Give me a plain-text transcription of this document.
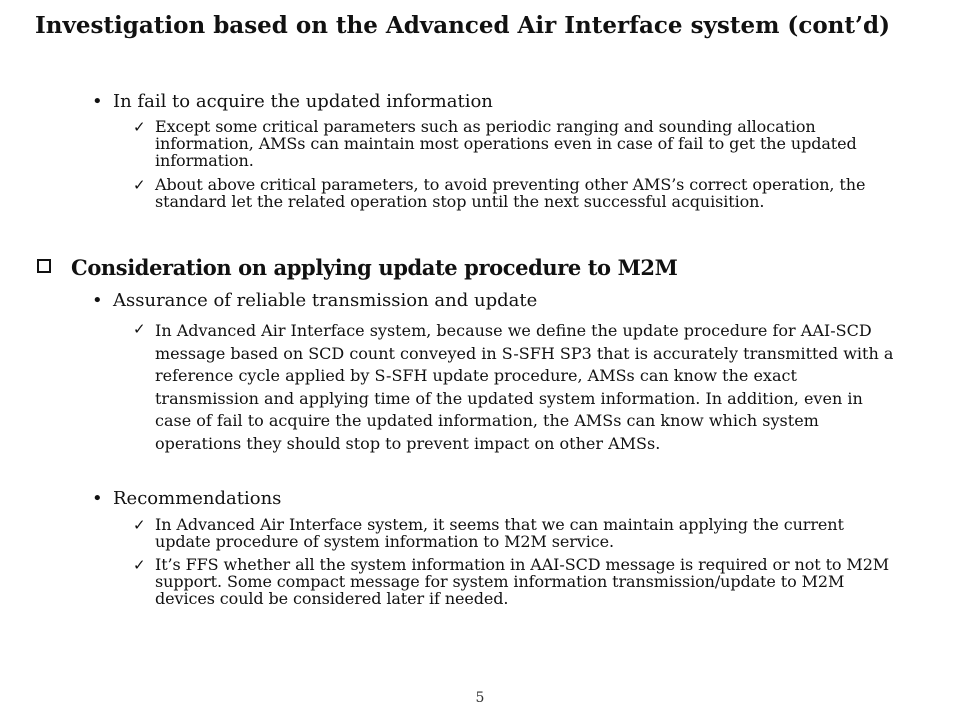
Investigation based on the Advanced Air Interface system (cont’d)
• In fail to acquire the updated information
✓ Except some critical parameters such as periodic ranging and sounding allocation information, AMSs can maintain most operations even in case of fail to get the updated information.
✓ About above critical parameters, to avoid preventing other AMS’s correct operation, the standard let the related operation stop until the next successful acquisition.
Consideration on applying update procedure to M2M
• Assurance of reliable transmission and update
✓ In Advanced Air Interface system, because we define the update procedure for AAI-SCD message based on SCD count conveyed in S-SFH SP3 that is accurately transmitted with a reference cycle applied by S-SFH update procedure, AMSs can know the exact transmission and applying time of the updated system information. In addition, even in case of fail to acquire the updated information, the AMSs can know which system operations they should stop to prevent impact on other AMSs.
• Recommendations
✓ In Advanced Air Interface system, it seems that we can maintain applying the current update procedure of system information to M2M service.
✓ It’s FFS whether all the system information in AAI-SCD message is required or not to M2M support. Some compact message for system information transmission/update to M2M devices could be considered later if needed.
5
